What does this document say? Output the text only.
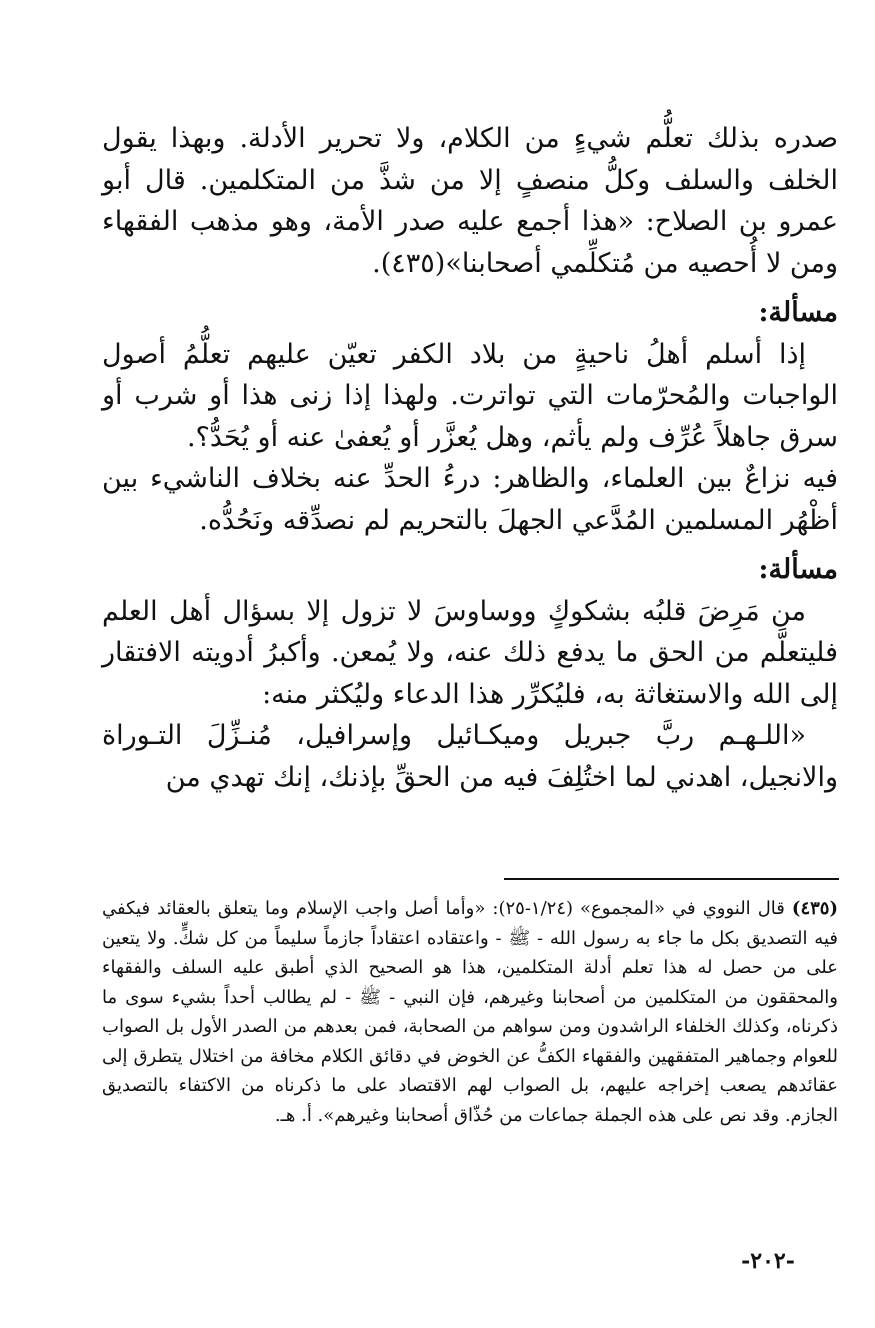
صدره بذلك تعلُّم شيءٍ من الكلام، ولا تحرير الأدلة. وبهذا يقول الخلف والسلف وكلُّ منصفٍ إلا من شذَّ من المتكلمين. قال أبو عمرو بن الصلاح: «هذا أجمع عليه صدر الأمة، وهو مذهب الفقهاء ومن لا أُحصيه من مُتكلِّمي أصحابنا»(٤٣٥).

مسألة:

إذا أسلم أهلُ ناحيةٍ من بلاد الكفر تعيّن عليهم تعلُّمُ أصول الواجبات والمُحرّمات التي تواترت. ولهذا إذا زنى هذا أو شرب أو سرق جاهلاً عُرِّف ولم يأثم، وهل يُعزَّر أو يُعفىٰ عنه أو يُحَدُّ؟.

فيه نزاعٌ بين العلماء، والظاهر: درءُ الحدِّ عنه بخلاف الناشيء بين أظْهُر المسلمين المُدَّعي الجهلَ بالتحريم لم نصدِّقه ونَحُدُّه.

مسألة:

من مَرِضَ قلبُه بشكوكٍ ووساوسَ لا تزول إلا بسؤال أهل العلم فليتعلَّم من الحق ما يدفع ذلك عنه، ولا يُمعن. وأكبرُ أدويته الافتقار إلى الله والاستغاثة به، فليُكرِّر هذا الدعاء وليُكثر منه:

«اللـهـم ربَّ جبريل وميكـائيل وإسرافيل، مُنـزِّلَ التـوراة والانجيل، اهدني لما اختُلِفَ فيه من الحقِّ بإذنك، إنك تهدي من

(٤٣٥) قال النووي في «المجموع» (١/٢٤-٢٥): «وأما أصل واجب الإسلام وما يتعلق بالعقائد فيكفي فيه التصديق بكل ما جاء به رسول الله - ﷺ - واعتقاده اعتقاداً جازماً سليماً من كل شكٍّ. ولا يتعين على من حصل له هذا تعلم أدلة المتكلمين، هذا هو الصحيح الذي أطبق عليه السلف والفقهاء والمحققون من المتكلمين من أصحابنا وغيرهم، فإن النبي - ﷺ - لم يطالب أحداً بشيء سوى ما ذكرناه، وكذلك الخلفاء الراشدون ومن سواهم من الصحابة، فمن بعدهم من الصدر الأول بل الصواب للعوام وجماهير المتفقهين والفقهاء الكفُّ عن الخوض في دقائق الكلام مخافة من اختلال يتطرق إلى عقائدهم يصعب إخراجه عليهم، بل الصواب لهم الاقتصاد على ما ذكرناه من الاكتفاء بالتصديق الجازم. وقد نص على هذه الجملة جماعات من حُذّاق أصحابنا وغيرهم». أ. هـ.

-٢٠٢-
